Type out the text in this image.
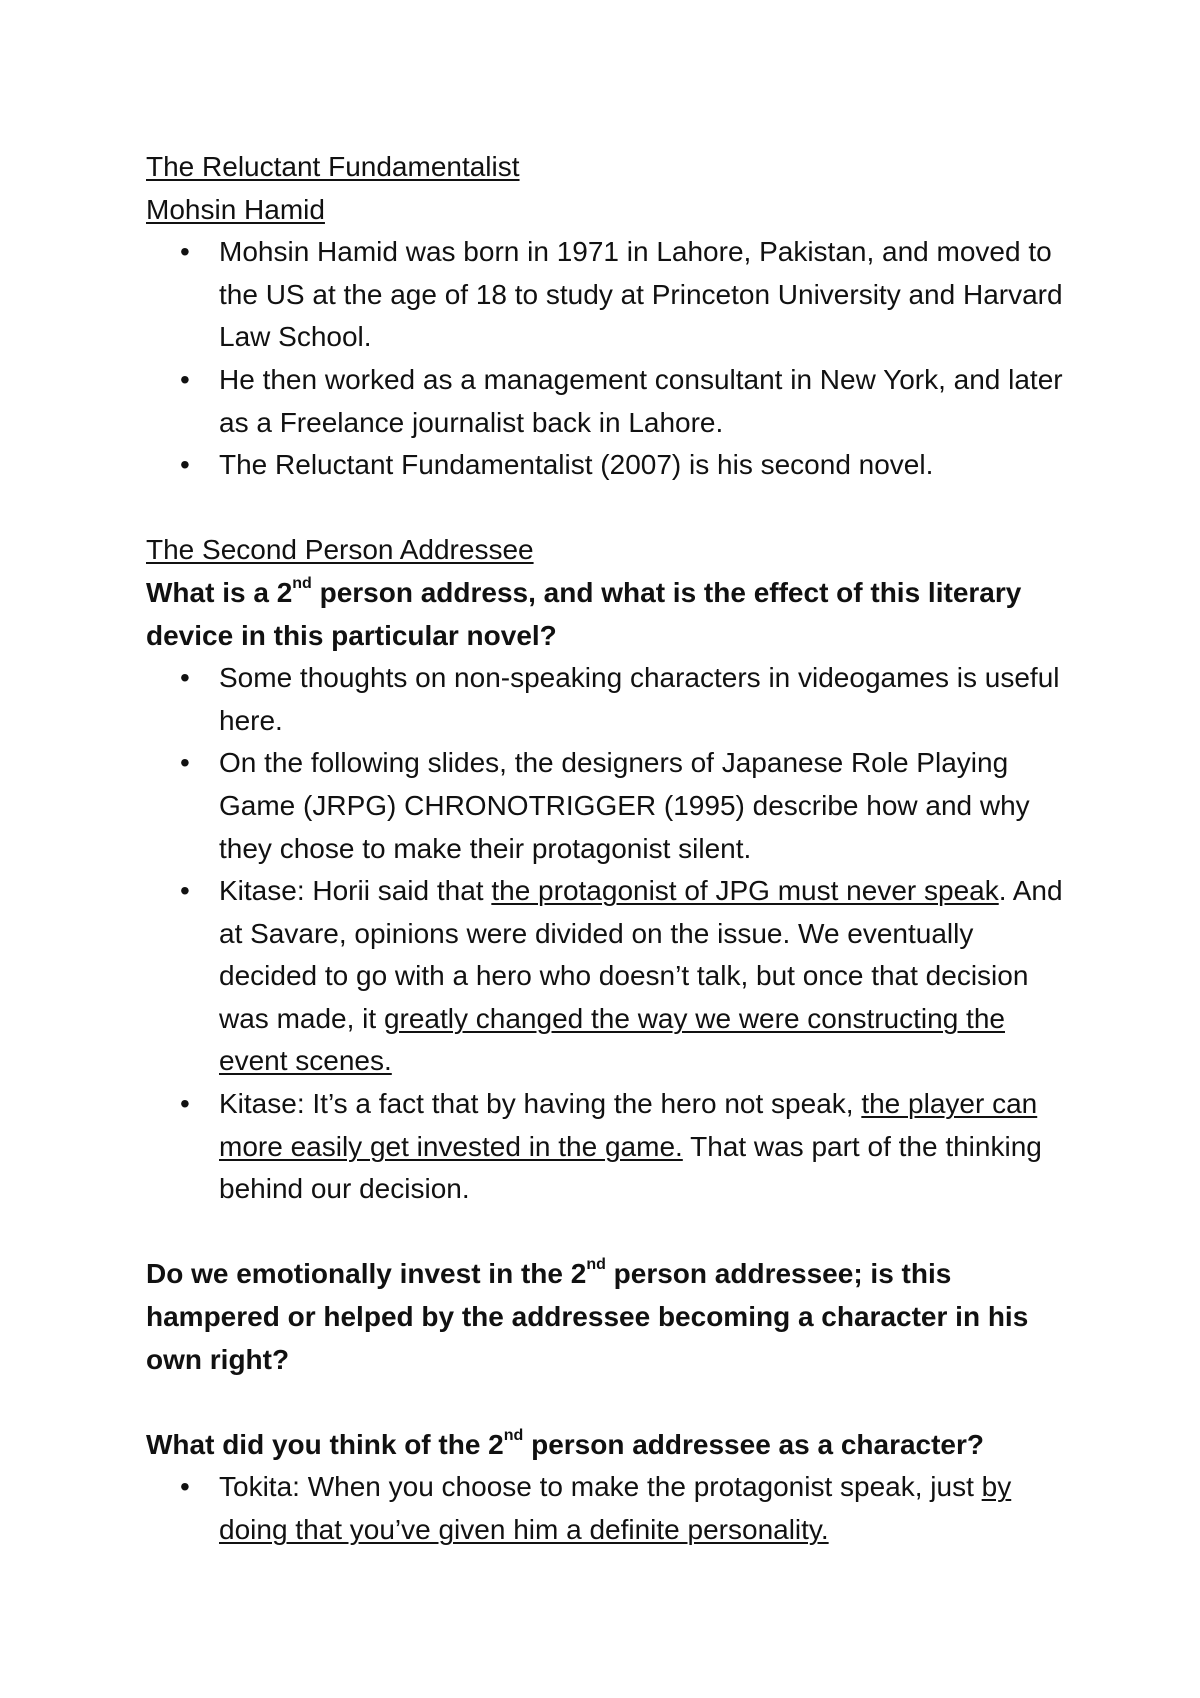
The Reluctant Fundamentalist

Mohsin Hamid

• Mohsin Hamid was born in 1971 in Lahore, Pakistan, and moved to the US at the age of 18 to study at Princeton University and Harvard Law School.
• He then worked as a management consultant in New York, and later as a Freelance journalist back in Lahore.
• The Reluctant Fundamentalist (2007) is his second novel.

The Second Person Addressee

What is a 2nd person address, and what is the effect of this literary device in this particular novel?

• Some thoughts on non-speaking characters in videogames is useful here.
• On the following slides, the designers of Japanese Role Playing Game (JRPG) CHRONOTRIGGER (1995) describe how and why they chose to make their protagonist silent.
• Kitase: Horii said that the protagonist of JPG must never speak. And at Savare, opinions were divided on the issue. We eventually decided to go with a hero who doesn’t talk, but once that decision was made, it greatly changed the way we were constructing the event scenes.
• Kitase: It’s a fact that by having the hero not speak, the player can more easily get invested in the game. That was part of the thinking behind our decision.

Do we emotionally invest in the 2nd person addressee; is this hampered or helped by the addressee becoming a character in his own right?

What did you think of the 2nd person addressee as a character?

• Tokita: When you choose to make the protagonist speak, just by doing that you’ve given him a definite personality.
